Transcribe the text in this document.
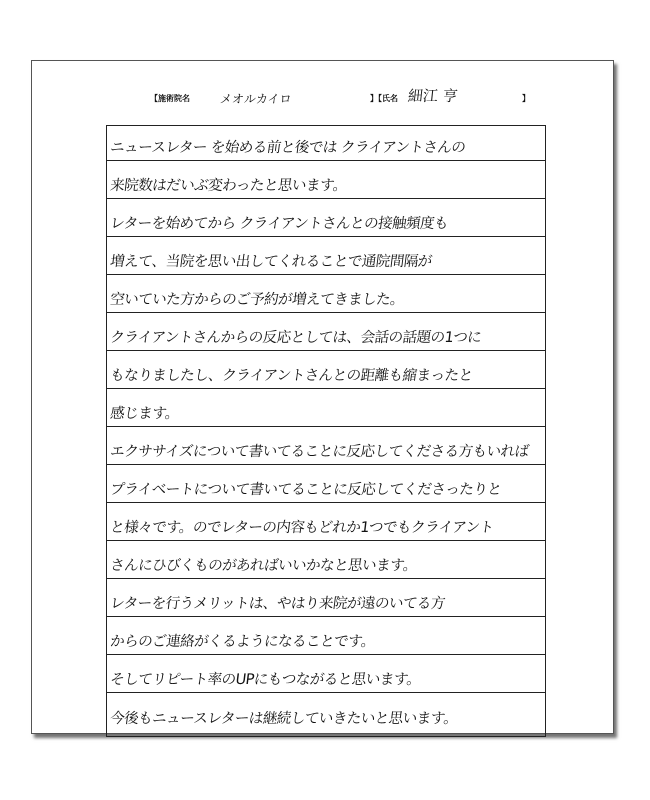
【施術院名 メオルカイロ	】【氏名 細江 亨	】
ニュースレター を始める前と後では クライアントさんの
来院数はだいぶ変わったと思います。
レターを始めてから クライアントさんとの接触頻度も
増えて、当院を思い出してくれることで通院間隔が
空いていた方からのご予約が増えてきました。
クライアントさんからの反応としては、会話の話題の1つに
もなりましたし、クライアントさんとの距離も縮まったと
感じます。
エクササイズについて書いてることに反応してくださる方もいれば
プライベートについて書いてることに反応してくださったりと
と様々です。のでレターの内容もどれか1つでもクライアント
さんにひびくものがあればいいかなと思います。
レターを行うメリットは、やはり来院が遠のいてる方
からのご連絡がくるようになることです。
そしてリピート率のUPにもつながると思います。
今後もニュースレターは継続していきたいと思います。
